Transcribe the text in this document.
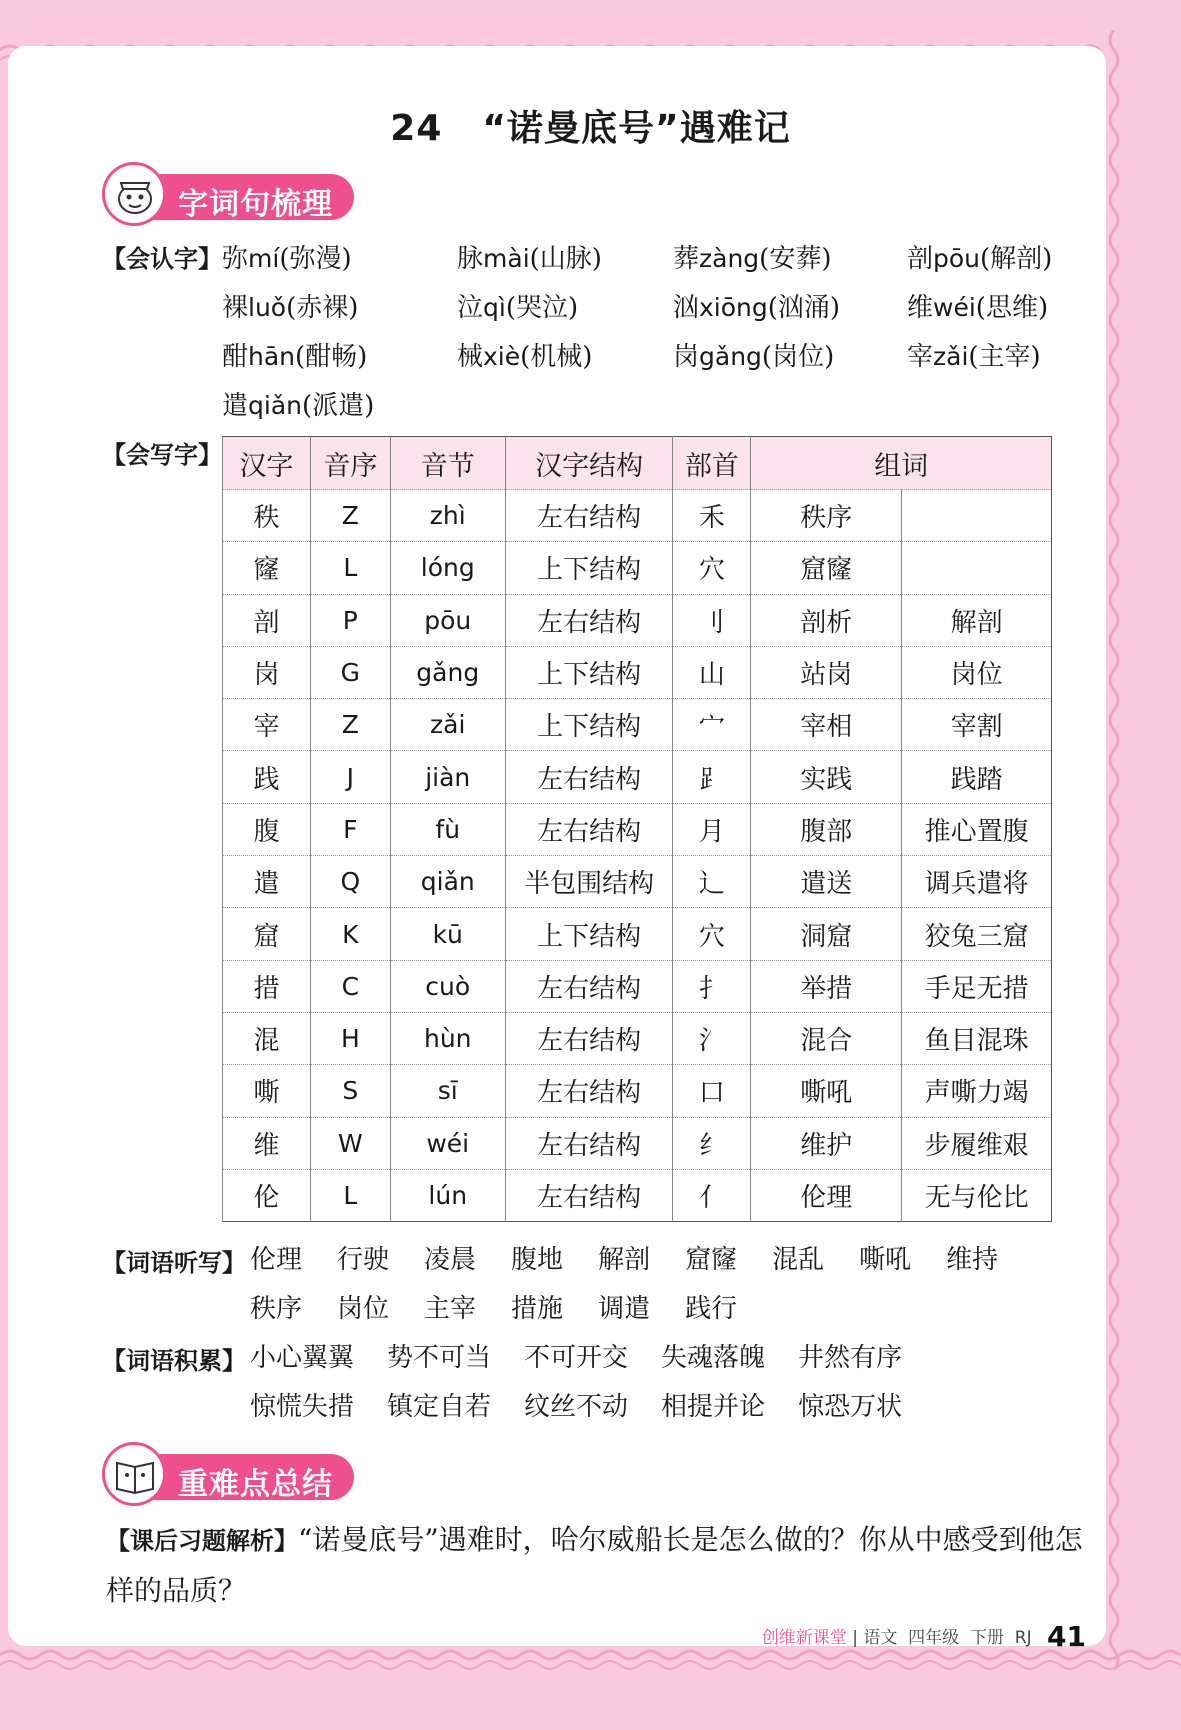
24 “诺曼底号”遇难记
字词句梳理
【会认字】 弥mí(弥漫)	脉mài(山脉)	葬zàng(安葬)	剖pōu(解剖)
裸luǒ(赤裸)	泣qì(哭泣)	汹xiōng(汹涌)	维wéi(思维)
酣hān(酣畅)	械xiè(机械)	岗gǎng(岗位)	宰zǎi(主宰)
遣qiǎn(派遣)
【会写字】 汉字	音序	音节	汉字结构	部首	组词	
秩	Z	zhì	左右结构	禾	秩序	
窿	L	lóng	上下结构	穴	窟窿	
剖	P	pōu	左右结构	刂	剖析	解剖
岗	G	gǎng	上下结构	山	站岗	岗位
宰	Z	zǎi	上下结构	宀	宰相	宰割
践	J	jiàn	左右结构	⻊	实践	践踏
腹	F	fù	左右结构	月	腹部	推心置腹
遣	Q	qiǎn	半包围结构	辶	遣送	调兵遣将
窟	K	kū	上下结构	穴	洞窟	狡兔三窟
措	C	cuò	左右结构	扌	举措	手足无措
混	H	hùn	左右结构	氵	混合	鱼目混珠
嘶	S	sī	左右结构	口	嘶吼	声嘶力竭
维	W	wéi	左右结构	纟	维护	步履维艰
伦	L	lún	左右结构	亻	伦理	无与伦比
【词语听写】 伦理 行驶 凌晨 腹地 解剖 窟窿 混乱 嘶吼 维持
秩序 岗位 主宰 措施 调遣 践行
【词语积累】 小心翼翼 势不可当 不可开交 失魂落魄 井然有序
惊慌失措 镇定自若 纹丝不动 相提并论 惊恐万状
重难点总结
【课后习题解析】“诺曼底号”遇难时，哈尔威船长是怎么做的？你从中感受到他怎样的品质？
创维新课堂 | 语文 四年级 下册 RJ 41
